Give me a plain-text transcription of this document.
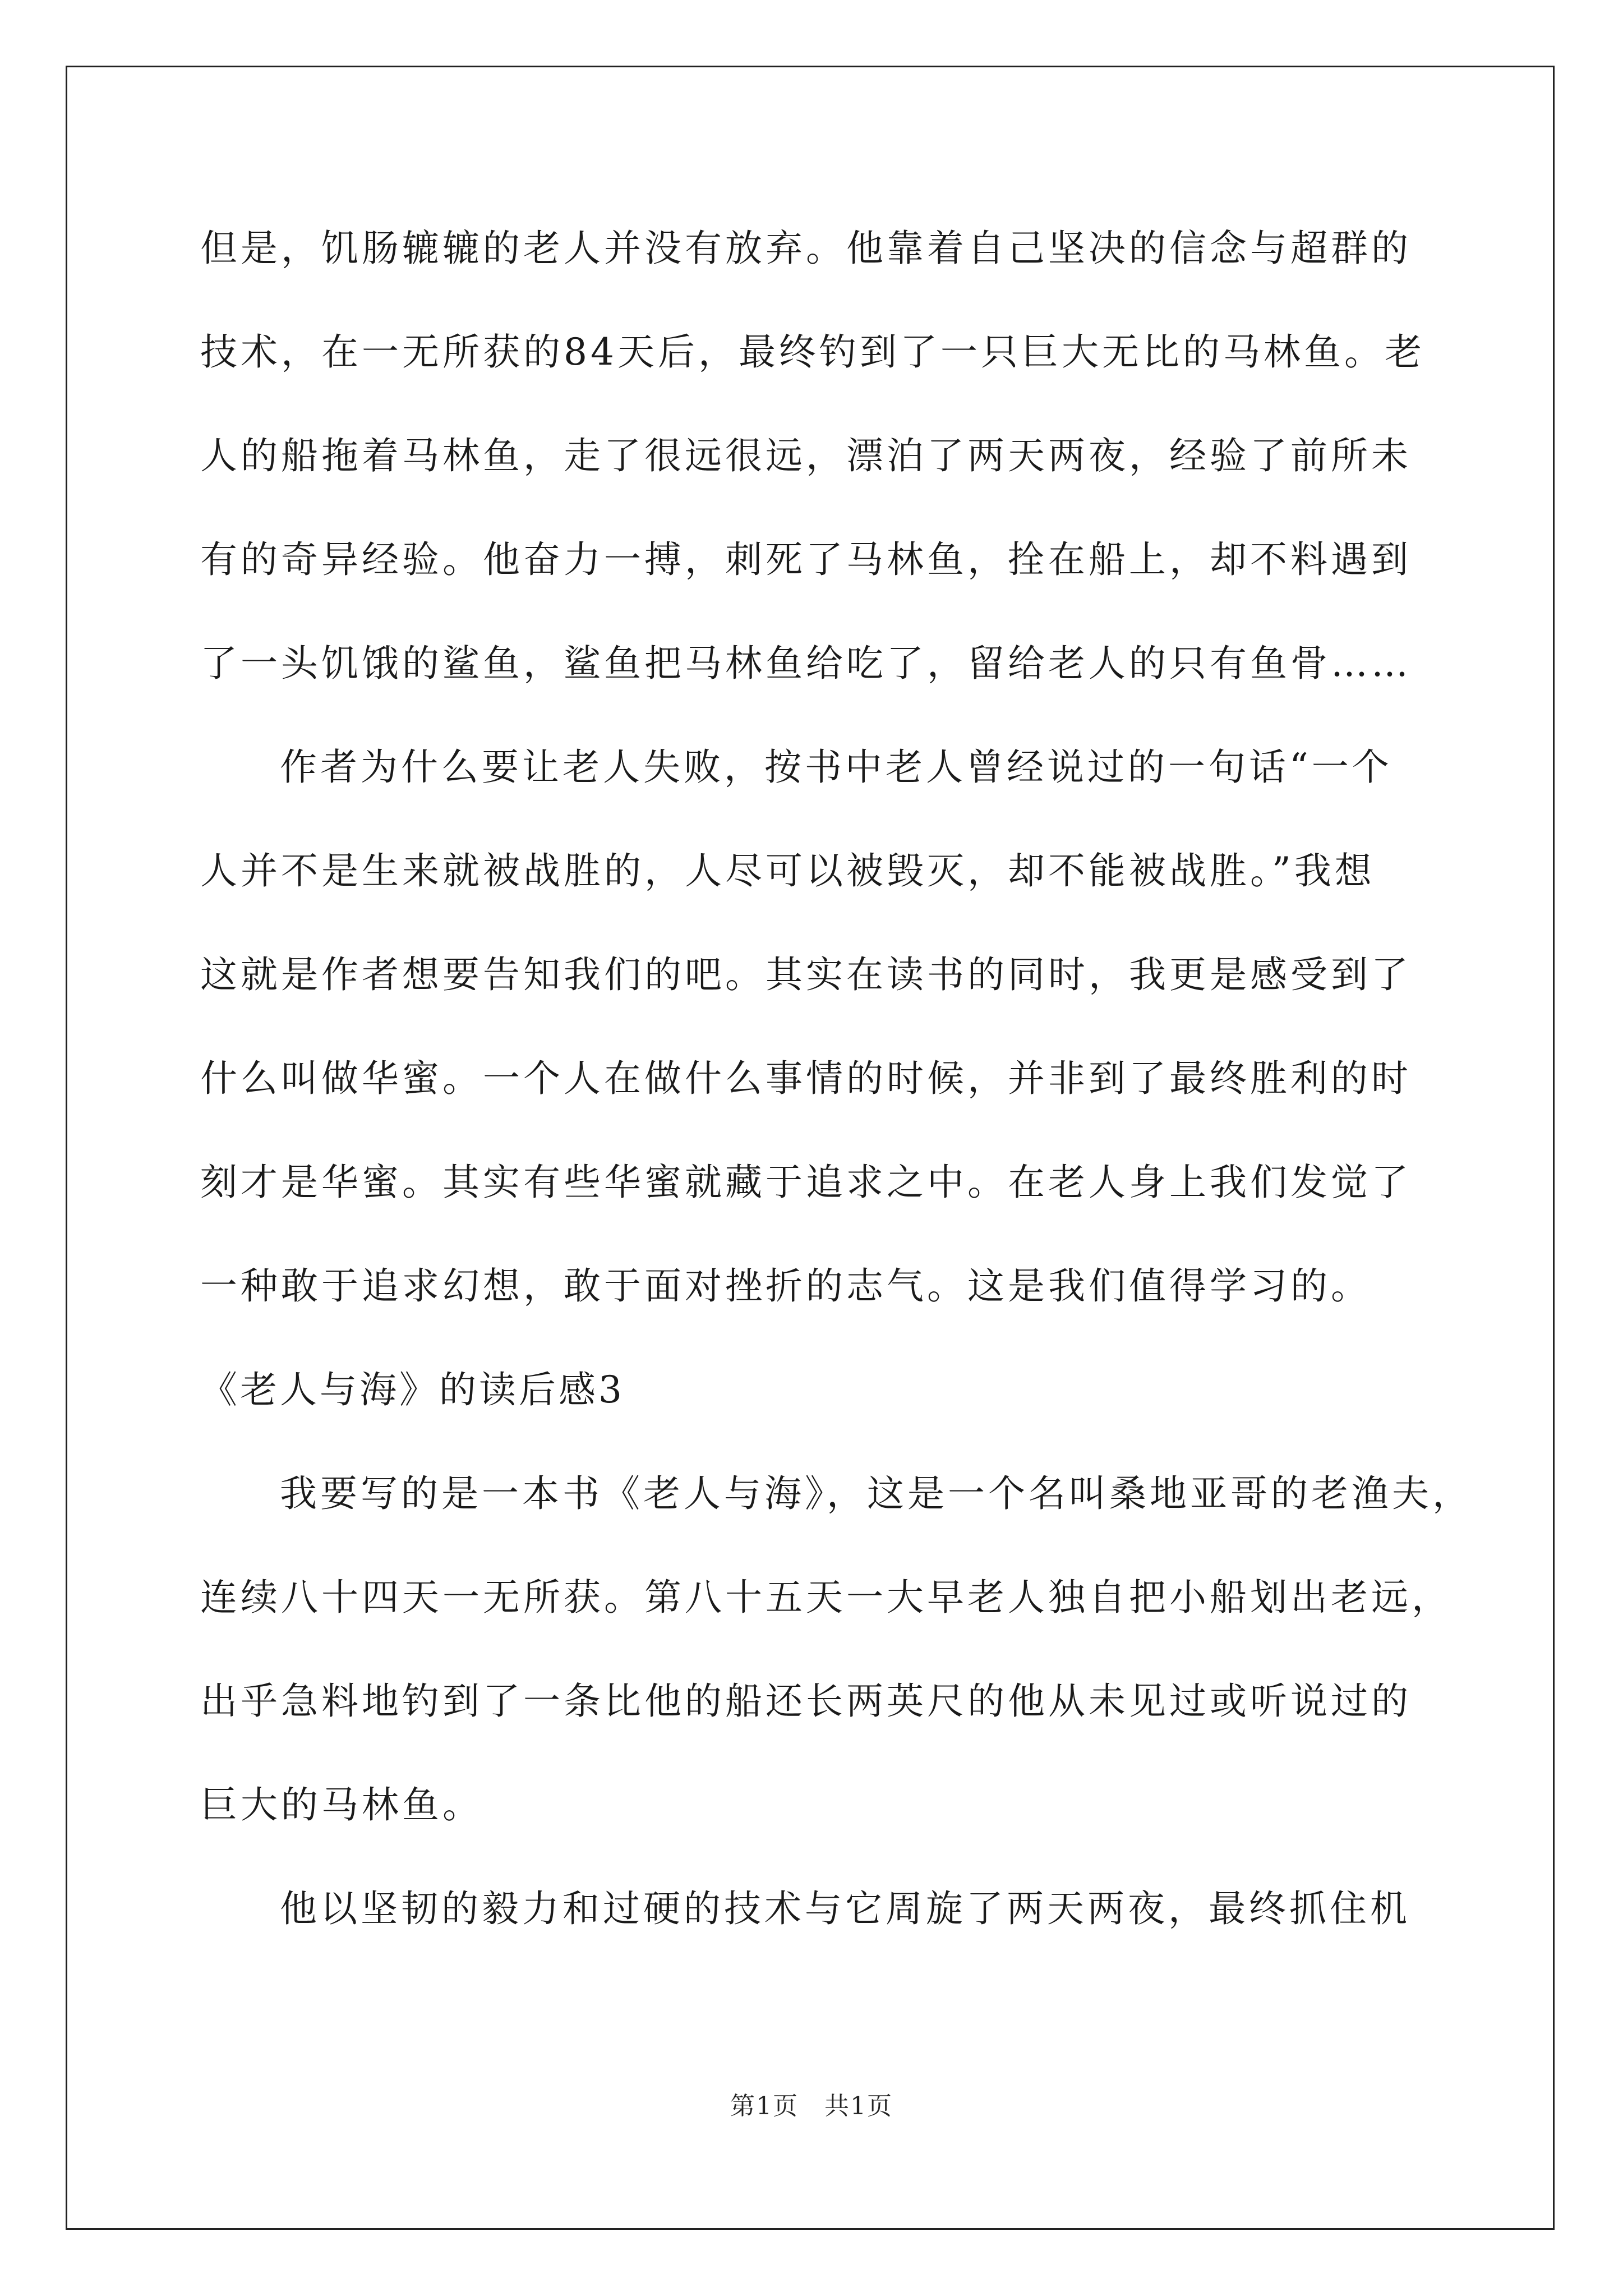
但是，饥肠辘辘的老人并没有放弃。他靠着自己坚决的信念与超群的
技术，在一无所获的84天后，最终钓到了一只巨大无比的马林鱼。老
人的船拖着马林鱼，走了很远很远，漂泊了两天两夜，经验了前所未
有的奇异经验。他奋力一搏，刺死了马林鱼，拴在船上，却不料遇到
了一头饥饿的鲨鱼，鲨鱼把马林鱼给吃了，留给老人的只有鱼骨……
作者为什么要让老人失败，按书中老人曾经说过的一句话“一个
人并不是生来就被战胜的，人尽可以被毁灭，却不能被战胜。”我想
这就是作者想要告知我们的吧。其实在读书的同时，我更是感受到了
什么叫做华蜜。一个人在做什么事情的时候，并非到了最终胜利的时
刻才是华蜜。其实有些华蜜就藏于追求之中。在老人身上我们发觉了
一种敢于追求幻想，敢于面对挫折的志气。这是我们值得学习的。
《老人与海》的读后感3
我要写的是一本书《老人与海》，这是一个名叫桑地亚哥的老渔夫，
连续八十四天一无所获。第八十五天一大早老人独自把小船划出老远，
出乎急料地钓到了一条比他的船还长两英尺的他从未见过或听说过的
巨大的马林鱼。
他以坚韧的毅力和过硬的技术与它周旋了两天两夜，最终抓住机
第1页　共1页
